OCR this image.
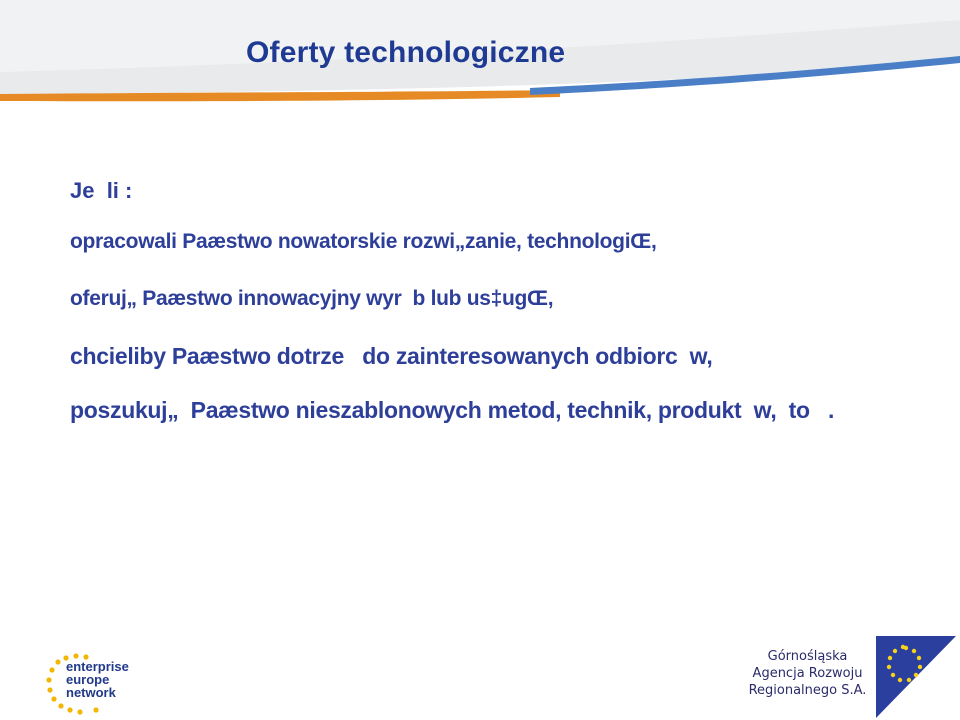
Oferty technologiczne

Je  li :

opracowali Paæstwo nowatorskie rozwi„zanie, technologiŒ,

oferuj„ Paæstwo innowacyjny wyr  b lub us‡ugŒ,

chcieliby Paæstwo dotrze   do zainteresowanych odbiorc  w,

poszukuj„  Paæstwo nieszablonowych metod, technik, produkt  w,  to   .

enterprise
europe
network
Górnośląska
Agencja Rozwoju
Regionalnego S.A.
